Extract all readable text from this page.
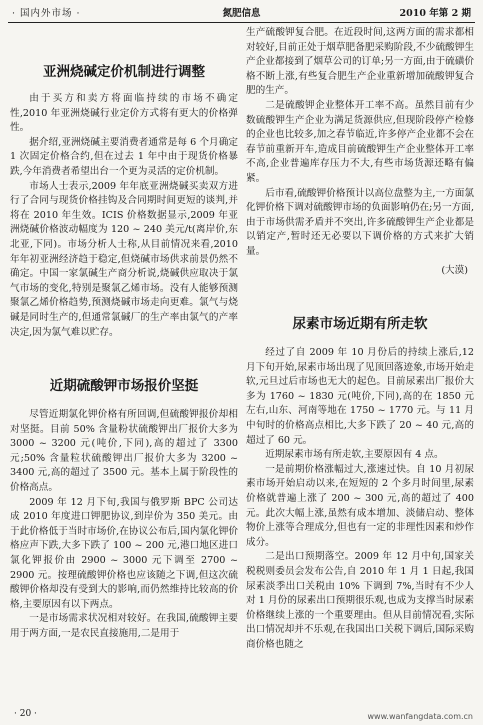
· 国内外市场 ·	氮肥信息	2010 年第 2 期
亚洲烧碱定价机制进行调整

由于买方和卖方将面临持续的市场不确定性,2010 年亚洲烧碱行业定价方式将有更大的价格弹性。

据介绍,亚洲烧碱主要消费者通常是每 6 个月确定 1 次固定价格合约,但在过去 1 年中由于现货价格暴跌,今年消费者希望出台一个更为灵活的定价机制。

市场人士表示,2009 年年底亚洲烧碱买卖双方进行了合同与现货价格挂钩及合同期时间更短的谈判,并将在 2010 年生效。ICIS 价格数据显示,2009 年亚洲烧碱价格波动幅度为 120 ~ 240 美元/t(离岸价,东北亚,下同)。市场分析人士称,从目前情况来看,2010 年年初亚洲经济趋于稳定,但烧碱市场供求前景仍然不确定。中国一家氯碱生产商分析说,烧碱供应取决于氯气市场的变化,特别是聚氯乙烯市场。没有人能够预测聚氯乙烯价格趋势,预测烧碱市场走向更难。氯气与烧碱是同时生产的,但通常氯碱厂的生产率由氯气的产率决定,因为氯气难以贮存。

近期硫酸钾市场报价坚挺

尽管近期氯化钾价格有所回调,但硫酸钾报价却相对坚挺。目前 50% 含量粉状硫酸钾出厂报价大多为 3000 ~ 3200 元(吨价,下同),高的超过了 3300 元;50% 含量粒状硫酸钾出厂报价大多为 3200 ~ 3400 元,高的超过了 3500 元。基本上属于阶段性的价格高点。

2009 年 12 月下旬,我国与俄罗斯 BPC 公司达成 2010 年度进口钾肥协议,到岸价为 350 美元。由于此价格低于当时市场价,在协议公布后,国内氯化钾价格应声下跌,大多下跌了 100 ~ 200 元,港口地区进口氯化钾报价由 2900 ~ 3000 元下调至 2700 ~ 2900 元。按理硫酸钾价格也应该随之下调,但这次硫酸钾价格却没有受到大的影响,而仍然维持比较高的价格,主要原因有以下两点。

一是市场需求状况相对较好。在我国,硫酸钾主要用于两方面,一是农民直接施用,二是用于

生产硫酸钾复合肥。在近段时间,这两方面的需求都相对较好,目前正处于烟草肥备肥采购阶段,不少硫酸钾生产企业都接到了烟草公司的订单;另一方面,由于硫磺价格不断上涨,有些复合肥生产企业重新增加硫酸钾复合肥的生产。

二是硫酸钾企业整体开工率不高。虽然目前有少数硫酸钾生产企业为满足货源供应,但现阶段停产检修的企业也比较多,加之春节临近,许多停产企业都不会在春节前重新开车,造成目前硫酸钾生产企业整体开工率不高,企业普遍库存压力不大,有些市场货源还略有偏紧。

后市看,硫酸钾价格预计以高位盘整为主,一方面氯化钾价格下调对硫酸钾市场的负面影响仍在;另一方面,由于市场供需矛盾并不突出,许多硫酸钾生产企业都是以销定产,暂时还无必要以下调价格的方式来扩大销量。

(大漠)
尿素市场近期有所走软

经过了自 2009 年 10 月份后的持续上涨后,12 月下旬开始,尿素市场出现了见顶回落迹象,市场开始走软,元旦过后市场也无大的起色。目前尿素出厂报价大多为 1760 ~ 1830 元(吨价,下同),高的在 1850 元左右,山东、河南等地在 1750 ~ 1770 元。与 11 月中旬时的价格高点相比,大多下跌了 20 ~ 40 元,高的超过了 60 元。

近期尿素市场有所走软,主要原因有 4 点。

一是前期价格涨幅过大,涨速过快。自 10 月初尿素市场开始启动以来,在短短的 2 个多月时间里,尿素价格就普遍上涨了 200 ~ 300 元,高的超过了 400 元。此次大幅上涨,虽然有成本增加、淡储启动、整体物价上涨等合理成分,但也有一定的非理性因素和炒作成分。

二是出口预期落空。2009 年 12 月中旬,国家关税税则委员会发布公告,自 2010 年 1 月 1 日起,我国尿素淡季出口关税由 10% 下调到 7%,当时有不少人对 1 月份的尿素出口预期很乐观,也成为支撑当时尿素价格继续上涨的一个重要理由。但从目前情况看,实际出口情况却并不乐观,在我国出口关税下调后,国际采购商价格也随之

· 20 ·	www.wanfangdata.com.cn
